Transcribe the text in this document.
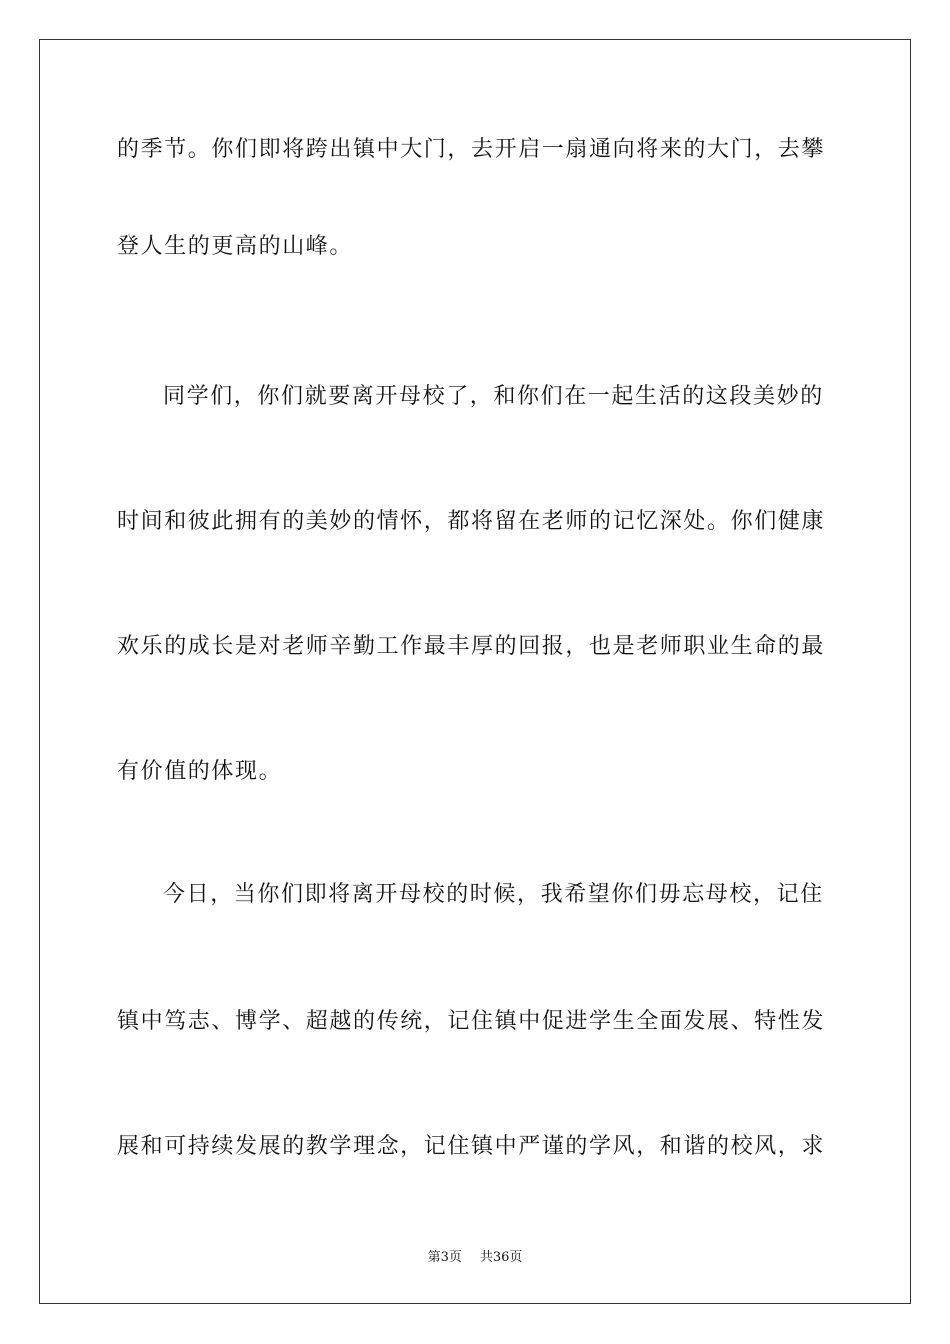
的季节。你们即将跨出镇中大门，去开启一扇通向将来的大门，去攀
登人生的更高的山峰。
同学们，你们就要离开母校了，和你们在一起生活的这段美妙的
时间和彼此拥有的美妙的情怀，都将留在老师的记忆深处。你们健康
欢乐的成长是对老师辛勤工作最丰厚的回报，也是老师职业生命的最
有价值的体现。
今日，当你们即将离开母校的时候，我希望你们毋忘母校，记住
镇中笃志、博学、超越的传统，记住镇中促进学生全面发展、特性发
展和可持续发展的教学理念，记住镇中严谨的学风，和谐的校风，求
第3页 共36页
